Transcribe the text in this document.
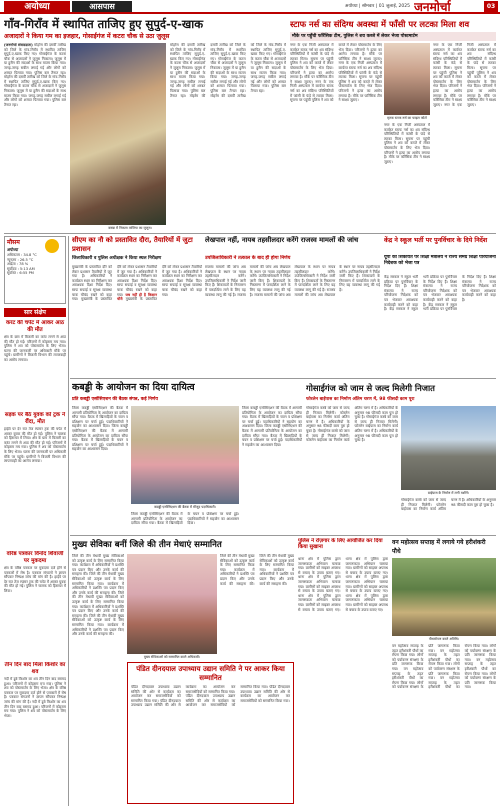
अयोध्या	आसपास	अयोध्या | सोमवार | 01 जुलाई, 2025 जनमोर्चा	03
गाँव-गिराँव में स्थापित ताजिए हुए सुपुर्द-ए-खाक
अजादारों ने किया गम का इजहार, गोसाईंगंज में कटरा चौक से उठा जुलूस
(जनमोर्चा संवाददाता) मोहर्रम की दसवीं तारीख को जिले के गांव-गिराँव में स्थापित ताजिए सुपुर्द-ए-खाक किए गए। गोसाईंगंज के कटरा चौक से अजादारों ने जुलूस निकाला। जुलूस में या हुसैन की सदाओं के साथ मातम किया गया। जगह-जगह सबील लगाई गई और लोगों को शरबत पिलाया गया। पुलिस बल तैनात रहा। मोहर्रम की दसवीं तारीख को जिले के गांव-गिराँव में स्थापित ताजिए सुपुर्द-ए-खाक किए गए। गोसाईंगंज के कटरा चौक से अजादारों ने जुलूस निकाला। जुलूस में या हुसैन की सदाओं के साथ मातम किया गया। जगह-जगह सबील लगाई गई और लोगों को शरबत पिलाया गया। पुलिस बल तैनात रहा।
कस्बा में निकला ताजिया का जुलूस।
मोहर्रम की दसवीं तारीख को जिले के गांव-गिराँव में स्थापित ताजिए सुपुर्द-ए-खाक किए गए। गोसाईंगंज के कटरा चौक से अजादारों ने जुलूस निकाला। जुलूस में या हुसैन की सदाओं के साथ मातम किया गया। जगह-जगह सबील लगाई गई और लोगों को शरबत पिलाया गया। पुलिस बल तैनात रहा। मोहर्रम की दसवीं तारीख को जिले के गांव-गिराँव में स्थापित ताजिए सुपुर्द-ए-खाक किए गए। गोसाईंगंज के कटरा चौक से अजादारों ने जुलूस निकाला। जुलूस में या हुसैन की सदाओं के साथ मातम किया गया। जगह-जगह सबील लगाई गई और लोगों को शरबत पिलाया गया। पुलिस बल तैनात रहा। मोहर्रम की दसवीं तारीख को जिले के गांव-गिराँव में स्थापित ताजिए सुपुर्द-ए-खाक किए गए। गोसाईंगंज के कटरा चौक से अजादारों ने जुलूस निकाला। जुलूस में या हुसैन की सदाओं के साथ मातम किया गया। जगह-जगह सबील लगाई गई और लोगों को शरबत पिलाया गया। पुलिस बल तैनात रहा।
मौसम
अयोध्या
अधिकतम : 34.8 °C
न्यूनतम : 26.5 °C
आर्द्रता : 78 %
सूर्योदय : 5:13 AM
सूर्यास्त : 6:55 PM
सार संक्षेप
करंट की चपेट में आकर आठ की मौत
क्षेत्र के ग्राम में बिजली का करंट लगने से आठ की मौत हो गई। परिजनों में कोहराम मच गया। पुलिस ने शव को पोस्टमार्टम के लिए भेजा। घटना की जानकारी पर अधिकारी मौके पर पहुंचे। ग्रामीणों ने बिजली विभाग की लापरवाही का आरोप लगाया।
सड़क पर बैठे युवक को ट्रक ने रौंदा, मौत
हाईवे पर देर रात तेज रफ्तार ट्रक की चपेट में आकर युवक की मौत हो गई। पुलिस ने चालक को हिरासत में लिया। क्षेत्र के ग्राम में बिजली का करंट लगने से आठ की मौत हो गई। परिजनों में कोहराम मच गया। पुलिस ने शव को पोस्टमार्टम के लिए भेजा। घटना की जानकारी पर अधिकारी मौके पर पहुंचे। ग्रामीणों ने बिजली विभाग की लापरवाही का आरोप लगाया।
वरिष्ठ पत्रकार विनोद शिवाजी पर मुकदमा
क्षेत्र के वरिष्ठ पत्रकार पर मुकदमा दर्ज होने से पत्रकारों में रोष है। पत्रकार संगठनों ने ज्ञापन सौंपकर निष्पक्ष जांच की मांग की है। हाईवे पर देर रात तेज रफ्तार ट्रक की चपेट में आकर युवक की मौत हो गई। पुलिस ने चालक को हिरासत में लिया।
तीन दिन बाद मिला किशोर का शव
नदी में डूबे किशोर का शव तीन दिन बाद बरामद हुआ। परिजनों में कोहराम मच गया। पुलिस ने शव को पोस्टमार्टम के लिए भेजा। क्षेत्र के वरिष्ठ पत्रकार पर मुकदमा दर्ज होने से पत्रकारों में रोष है। पत्रकार संगठनों ने ज्ञापन सौंपकर निष्पक्ष जांच की मांग की है। नदी में डूबे किशोर का शव तीन दिन बाद बरामद हुआ। परिजनों में कोहराम मच गया। पुलिस ने शव को पोस्टमार्टम के लिए भेजा।
सीएम का नौ को प्रस्तावित दौरा, तैयारियों में जुटा प्रशासन
जिलाधिकारी व पुलिस अधीक्षक ने किया स्थल निरीक्षण
मुख्यमंत्री के प्रस्तावित दौरे को लेकर प्रशासन तैयारियों में जुट गया है। अधिकारियों ने कार्यक्रम स्थल का निरीक्षण कर आवश्यक दिशा निर्देश दिए। साफ सफाई व सुरक्षा व्यवस्था चाक चौबंद रखने को कहा गया। मुख्यमंत्री के प्रस्तावित दौरे को लेकर प्रशासन तैयारियों में जुट गया है। अधिकारियों ने कार्यक्रम स्थल का निरीक्षण कर आवश्यक दिशा निर्देश दिए। साफ सफाई व सुरक्षा व्यवस्था चाक चौबंद रखने को कहा गया। जब नहीं ही है किसान चौरी मुख्यमंत्री के प्रस्तावित दौरे को लेकर प्रशासन तैयारियों में जुट गया है। अधिकारियों ने कार्यक्रम स्थल का निरीक्षण कर आवश्यक दिशा निर्देश दिए। साफ सफाई व सुरक्षा व्यवस्था चाक चौबंद रखने को कहा गया।
लेखपाल नहीं, नायब तहसीलदार करेंगे राजस्व मामलों की जांच
उपजिलाधिकारी ने तत्काल के बाद ही होगा निर्णय
राजस्व मामलों की जांच अब लेखपाल के स्थान पर नायब तहसीलदार करेंगे। उपजिलाधिकारी ने निर्देश जारी किए हैं। शिकायतों के निस्तारण में पारदर्शिता लाने के लिए यह व्यवस्था लागू की गई है। राजस्व मामलों की जांच अब लेखपाल के स्थान पर नायब तहसीलदार करेंगे। उपजिलाधिकारी ने निर्देश जारी किए हैं। शिकायतों के निस्तारण में पारदर्शिता लाने के लिए यह व्यवस्था लागू की गई है। राजस्व मामलों की जांच अब लेखपाल के स्थान पर नायब तहसीलदार करेंगे। उपजिलाधिकारी ने निर्देश जारी किए हैं। शिकायतों के निस्तारण में पारदर्शिता लाने के लिए यह व्यवस्था लागू की गई है। राजस्व मामलों की जांच अब लेखपाल के स्थान पर नायब तहसीलदार करेंगे। उपजिलाधिकारी ने निर्देश जारी किए हैं। शिकायतों के निस्तारण में पारदर्शिता लाने के लिए यह व्यवस्था लागू की गई है।
स्टाफ नर्स का संदिग्ध अवस्था में फाँसी पर लटका मिला शव
मौके पर पहुँची फॉरेंसिक टीम, पुलिस ने शव कब्जे में लेकर भेजा पोस्टमार्टम
नगर के एक निजी अस्पताल में कार्यरत स्टाफ नर्स का शव संदिग्ध परिस्थितियों में फांसी के फंदे से लटका मिला। सूचना पर पहुंची पुलिस ने शव को कब्जे में लेकर पोस्टमार्टम के लिए भेज दिया। परिजनों ने हत्या का आरोप लगाया है। मौके पर फॉरेंसिक टीम ने साक्ष्य जुटाए। नगर के एक निजी अस्पताल में कार्यरत स्टाफ नर्स का शव संदिग्ध परिस्थितियों में फांसी के फंदे से लटका मिला। सूचना पर पहुंची पुलिस ने शव को कब्जे में लेकर पोस्टमार्टम के लिए भेज दिया। परिजनों ने हत्या का आरोप लगाया है। मौके पर फॉरेंसिक टीम ने साक्ष्य जुटाए। नगर के एक निजी अस्पताल में कार्यरत स्टाफ नर्स का शव संदिग्ध परिस्थितियों में फांसी के फंदे से लटका मिला। सूचना पर पहुंची पुलिस ने शव को कब्जे में लेकर पोस्टमार्टम के लिए भेज दिया। परिजनों ने हत्या का आरोप लगाया है। मौके पर फॉरेंसिक टीम ने साक्ष्य जुटाए।
मृतक स्टाफ नर्स का फाइल फोटो
नगर के एक निजी अस्पताल में कार्यरत स्टाफ नर्स का शव संदिग्ध परिस्थितियों में फांसी के फंदे से लटका मिला। सूचना पर पहुंची पुलिस ने शव को कब्जे में लेकर पोस्टमार्टम के लिए भेज दिया। परिजनों ने हत्या का आरोप लगाया है। मौके पर फॉरेंसिक टीम ने साक्ष्य जुटाए।
नगर के एक निजी अस्पताल में कार्यरत स्टाफ नर्स का शव संदिग्ध परिस्थितियों में फांसी के फंदे से लटका मिला। सूचना पर पहुंची पुलिस ने शव को कब्जे में लेकर पोस्टमार्टम के लिए भेज दिया। परिजनों ने हत्या का आरोप लगाया है। मौके पर फॉरेंसिक टीम ने साक्ष्य जुटाए। नगर के एक निजी अस्पताल में कार्यरत स्टाफ नर्स का शव संदिग्ध परिस्थितियों में फांसी के फंदे से लटका मिला। सूचना पर पहुंची पुलिस ने शव को कब्जे में लेकर पोस्टमार्टम के लिए भेज दिया। परिजनों ने हत्या का आरोप लगाया है। मौके पर फॉरेंसिक टीम ने साक्ष्य जुटाए।
केंद्र ने स्कूल भर्ती पर पुनर्विचार के दिये निर्देश
यूपी की शिकायत पर शिक्षा मंत्रालय ने राज्य समग्र शिक्षा परियोजना निदेशक को भेजा पत्र
केंद्र सरकार ने स्कूल भर्ती प्रक्रिया पर पुनर्विचार के निर्देश दिए हैं। शिक्षा मंत्रालय ने राज्य परियोजना निदेशक को पत्र भेजकर आवश्यक कार्यवाही करने को कहा है। केंद्र सरकार ने स्कूल भर्ती प्रक्रिया पर पुनर्विचार के निर्देश दिए हैं। शिक्षा मंत्रालय ने राज्य परियोजना निदेशक को पत्र भेजकर आवश्यक कार्यवाही करने को कहा है। केंद्र सरकार ने स्कूल भर्ती प्रक्रिया पर पुनर्विचार के निर्देश दिए हैं। शिक्षा मंत्रालय ने राज्य परियोजना निदेशक को पत्र भेजकर आवश्यक कार्यवाही करने को कहा है।
कबड्डी के आयोजन का दिया दायित्व
प्रति कबड्डी एसोसिएशन की बैठक संपन्न, कई निर्णय
जिला कबड्डी एसोसिएशन की बैठक में आगामी प्रतियोगिता के आयोजन का दायित्व सौंपा गया। बैठक में खिलाड़ियों के चयन व प्रशिक्षण पर चर्चा हुई। पदाधिकारियों ने सहयोग का आश्वासन दिया। जिला कबड्डी एसोसिएशन की बैठक में आगामी प्रतियोगिता के आयोजन का दायित्व सौंपा गया। बैठक में खिलाड़ियों के चयन व प्रशिक्षण पर चर्चा हुई। पदाधिकारियों ने सहयोग का आश्वासन दिया।
कबड्डी एसोसिएशन की बैठक में मौजूद पदाधिकारी।
जिला कबड्डी एसोसिएशन की बैठक में आगामी प्रतियोगिता के आयोजन का दायित्व सौंपा गया। बैठक में खिलाड़ियों के चयन व प्रशिक्षण पर चर्चा हुई। पदाधिकारियों ने सहयोग का आश्वासन दिया।
जिला कबड्डी एसोसिएशन की बैठक में आगामी प्रतियोगिता के आयोजन का दायित्व सौंपा गया। बैठक में खिलाड़ियों के चयन व प्रशिक्षण पर चर्चा हुई। पदाधिकारियों ने सहयोग का आश्वासन दिया। जिला कबड्डी एसोसिएशन की बैठक में आगामी प्रतियोगिता के आयोजन का दायित्व सौंपा गया। बैठक में खिलाड़ियों के चयन व प्रशिक्षण पर चर्चा हुई। पदाधिकारियों ने सहयोग का आश्वासन दिया।
गोसाईगंज को जाम से जल्द मिलेगी निजात
फोरलेन बाईपास का निर्माण अंतिम चरण में, 98 फीसदी काम पूरा
गोसाईगंज कस्बे को जाम से जल्द ही निजात मिलेगी। फोरलेन बाईपास का निर्माण कार्य अंतिम चरण में है। अधिकारियों के अनुसार 98 फीसदी काम पूरा हो चुका है। गोसाईगंज कस्बे को जाम से जल्द ही निजात मिलेगी। फोरलेन बाईपास का निर्माण कार्य अंतिम चरण में है। अधिकारियों के अनुसार 98 फीसदी काम पूरा हो चुका है। गोसाईगंज कस्बे को जाम से जल्द ही निजात मिलेगी। फोरलेन बाईपास का निर्माण कार्य अंतिम चरण में है। अधिकारियों के अनुसार 98 फीसदी काम पूरा हो चुका है।
बाईपास के निर्माण में लगी मशीनें।
गोसाईगंज कस्बे को जाम से जल्द ही निजात मिलेगी। फोरलेन बाईपास का निर्माण कार्य अंतिम चरण में है। अधिकारियों के अनुसार 98 फीसदी काम पूरा हो चुका है।
मुख्य सेविका बनीं जिले की तीन मेधाएं सम्मानित
जिले की तीन मेधावी मुख्य सेविकाओं को उत्कृष्ट कार्य के लिए सम्मानित किया गया। कार्यक्रम में अधिकारियों ने प्रशस्ति पत्र प्रदान किए और उनके कार्य की सराहना की। जिले की तीन मेधावी मुख्य सेविकाओं को उत्कृष्ट कार्य के लिए सम्मानित किया गया। कार्यक्रम में अधिकारियों ने प्रशस्ति पत्र प्रदान किए और उनके कार्य की सराहना की। जिले की तीन मेधावी मुख्य सेविकाओं को उत्कृष्ट कार्य के लिए सम्मानित किया गया। कार्यक्रम में अधिकारियों ने प्रशस्ति पत्र प्रदान किए और उनके कार्य की सराहना की। जिले की तीन मेधावी मुख्य सेविकाओं को उत्कृष्ट कार्य के लिए सम्मानित किया गया। कार्यक्रम में अधिकारियों ने प्रशस्ति पत्र प्रदान किए और उनके कार्य की सराहना की।
मुख्य सेविकाओं को सम्मानित करते अधिकारी।
जिले की तीन मेधावी मुख्य सेविकाओं को उत्कृष्ट कार्य के लिए सम्मानित किया गया। कार्यक्रम में अधिकारियों ने प्रशस्ति पत्र प्रदान किए और उनके कार्य की सराहना की। जिले की तीन मेधावी मुख्य सेविकाओं को उत्कृष्ट कार्य के लिए सम्मानित किया गया। कार्यक्रम में अधिकारियों ने प्रशस्ति पत्र प्रदान किए और उनके कार्य की सराहना की।
पंडित दीनदयाल उपाध्याय उद्यान समिति ने पर आकर किया सम्मानित
पंडित दीनदयाल उपाध्याय उद्यान समिति की ओर से कार्यक्रम का आयोजन कर समाजसेवियों को सम्मानित किया गया। पंडित दीनदयाल उपाध्याय उद्यान समिति की ओर से कार्यक्रम का आयोजन कर समाजसेवियों को सम्मानित किया गया। पंडित दीनदयाल उपाध्याय उद्यान समिति की ओर से कार्यक्रम का आयोजन कर समाजसेवियों को सम्मानित किया गया। पंडित दीनदयाल उपाध्याय उद्यान समिति की ओर से कार्यक्रम का आयोजन कर समाजसेवियों को सम्मानित किया गया।
पुलिस ने रोज़गार के लिए आयोजित कर दिया किया सुखाना
थाना क्षेत्र में पुलिस द्वारा जागरूकता अभियान चलाया गया। ग्रामीणों को साइबर अपराध से बचाव के उपाय बताए गए। थाना क्षेत्र में पुलिस द्वारा जागरूकता अभियान चलाया गया। ग्रामीणों को साइबर अपराध से बचाव के उपाय बताए गए। थाना क्षेत्र में पुलिस द्वारा जागरूकता अभियान चलाया गया। ग्रामीणों को साइबर अपराध से बचाव के उपाय बताए गए। थाना क्षेत्र में पुलिस द्वारा जागरूकता अभियान चलाया गया। ग्रामीणों को साइबर अपराध से बचाव के उपाय बताए गए। थाना क्षेत्र में पुलिस द्वारा जागरूकता अभियान चलाया गया। ग्रामीणों को साइबर अपराध से बचाव के उपाय बताए गए। थाना क्षेत्र में पुलिस द्वारा जागरूकता अभियान चलाया गया। ग्रामीणों को साइबर अपराध से बचाव के उपाय बताए गए।
वन महोत्सव सप्ताह में लगाये गये हरीशंकरी पौधे
पौधारोपण करते अतिथि।
वन महोत्सव सप्ताह के तहत हरीशंकरी पौधों का रोपण किया गया। लोगों को पर्यावरण संरक्षण के प्रति जागरूक किया गया। वन महोत्सव सप्ताह के तहत हरीशंकरी पौधों का रोपण किया गया। लोगों को पर्यावरण संरक्षण के प्रति जागरूक किया गया। वन महोत्सव सप्ताह के तहत हरीशंकरी पौधों का रोपण किया गया। लोगों को पर्यावरण संरक्षण के प्रति जागरूक किया गया। वन महोत्सव सप्ताह के तहत हरीशंकरी पौधों का रोपण किया गया। लोगों को पर्यावरण संरक्षण के प्रति जागरूक किया गया। वन महोत्सव सप्ताह के तहत हरीशंकरी पौधों का रोपण किया गया। लोगों को पर्यावरण संरक्षण के प्रति जागरूक किया गया।
